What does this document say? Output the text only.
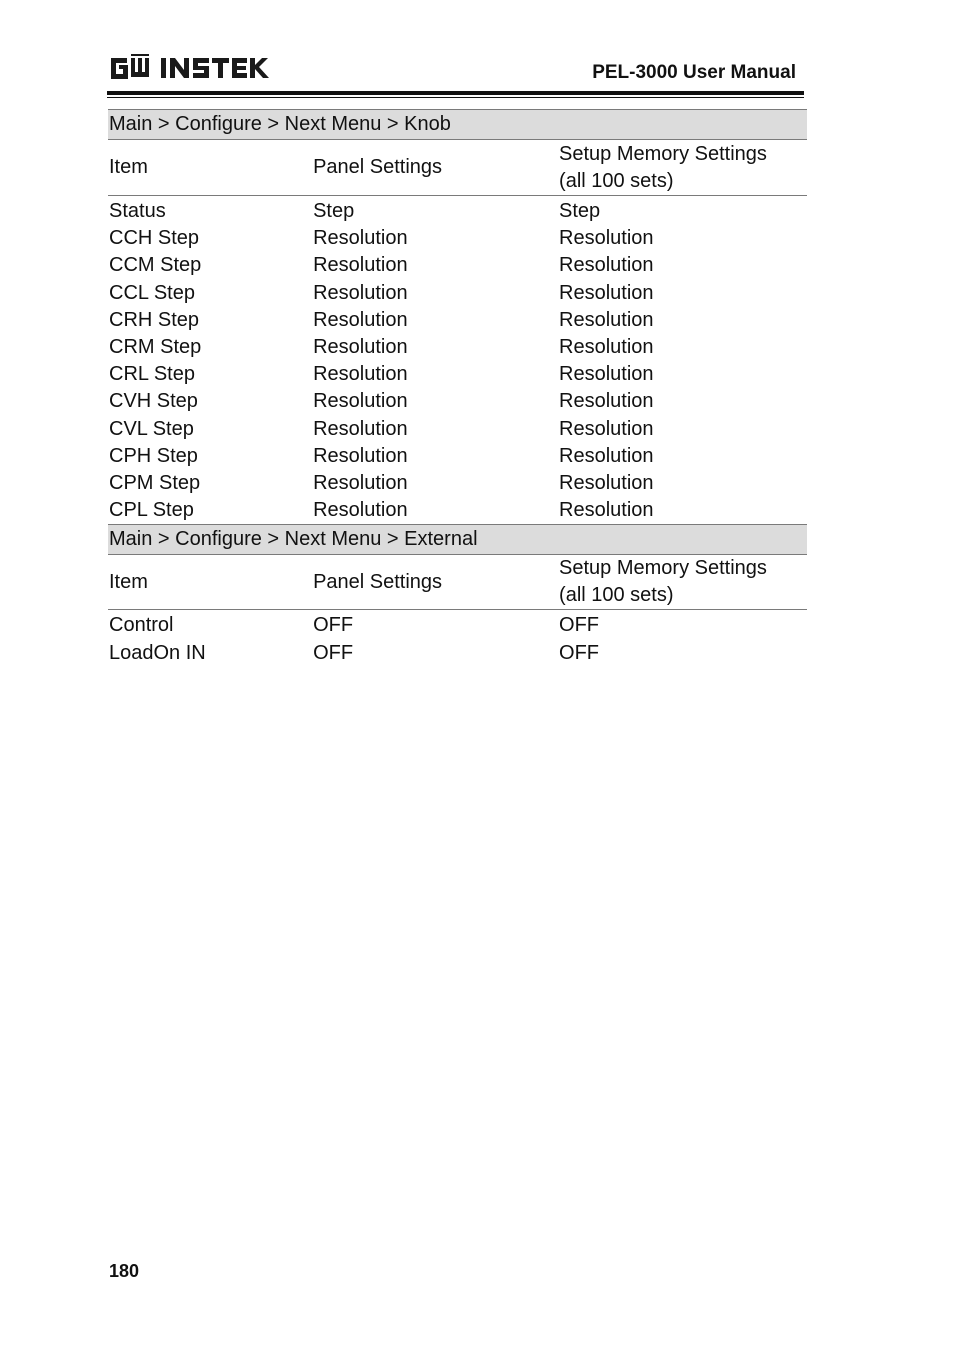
PEL-3000 User Manual
Main > Configure > Next Menu > Knob		
Item	Panel Settings	Setup Memory Settings
(all 100 sets)
Status	Step	Step
CCH Step	Resolution	Resolution
CCM Step	Resolution	Resolution
CCL Step	Resolution	Resolution
CRH Step	Resolution	Resolution
CRM Step	Resolution	Resolution
CRL Step	Resolution	Resolution
CVH Step	Resolution	Resolution
CVL Step	Resolution	Resolution
CPH Step	Resolution	Resolution
CPM Step	Resolution	Resolution
CPL Step	Resolution	Resolution
Main > Configure > Next Menu > External		
Item	Panel Settings	Setup Memory Settings
(all 100 sets)
Control	OFF	OFF
LoadOn IN	OFF	OFF
180
